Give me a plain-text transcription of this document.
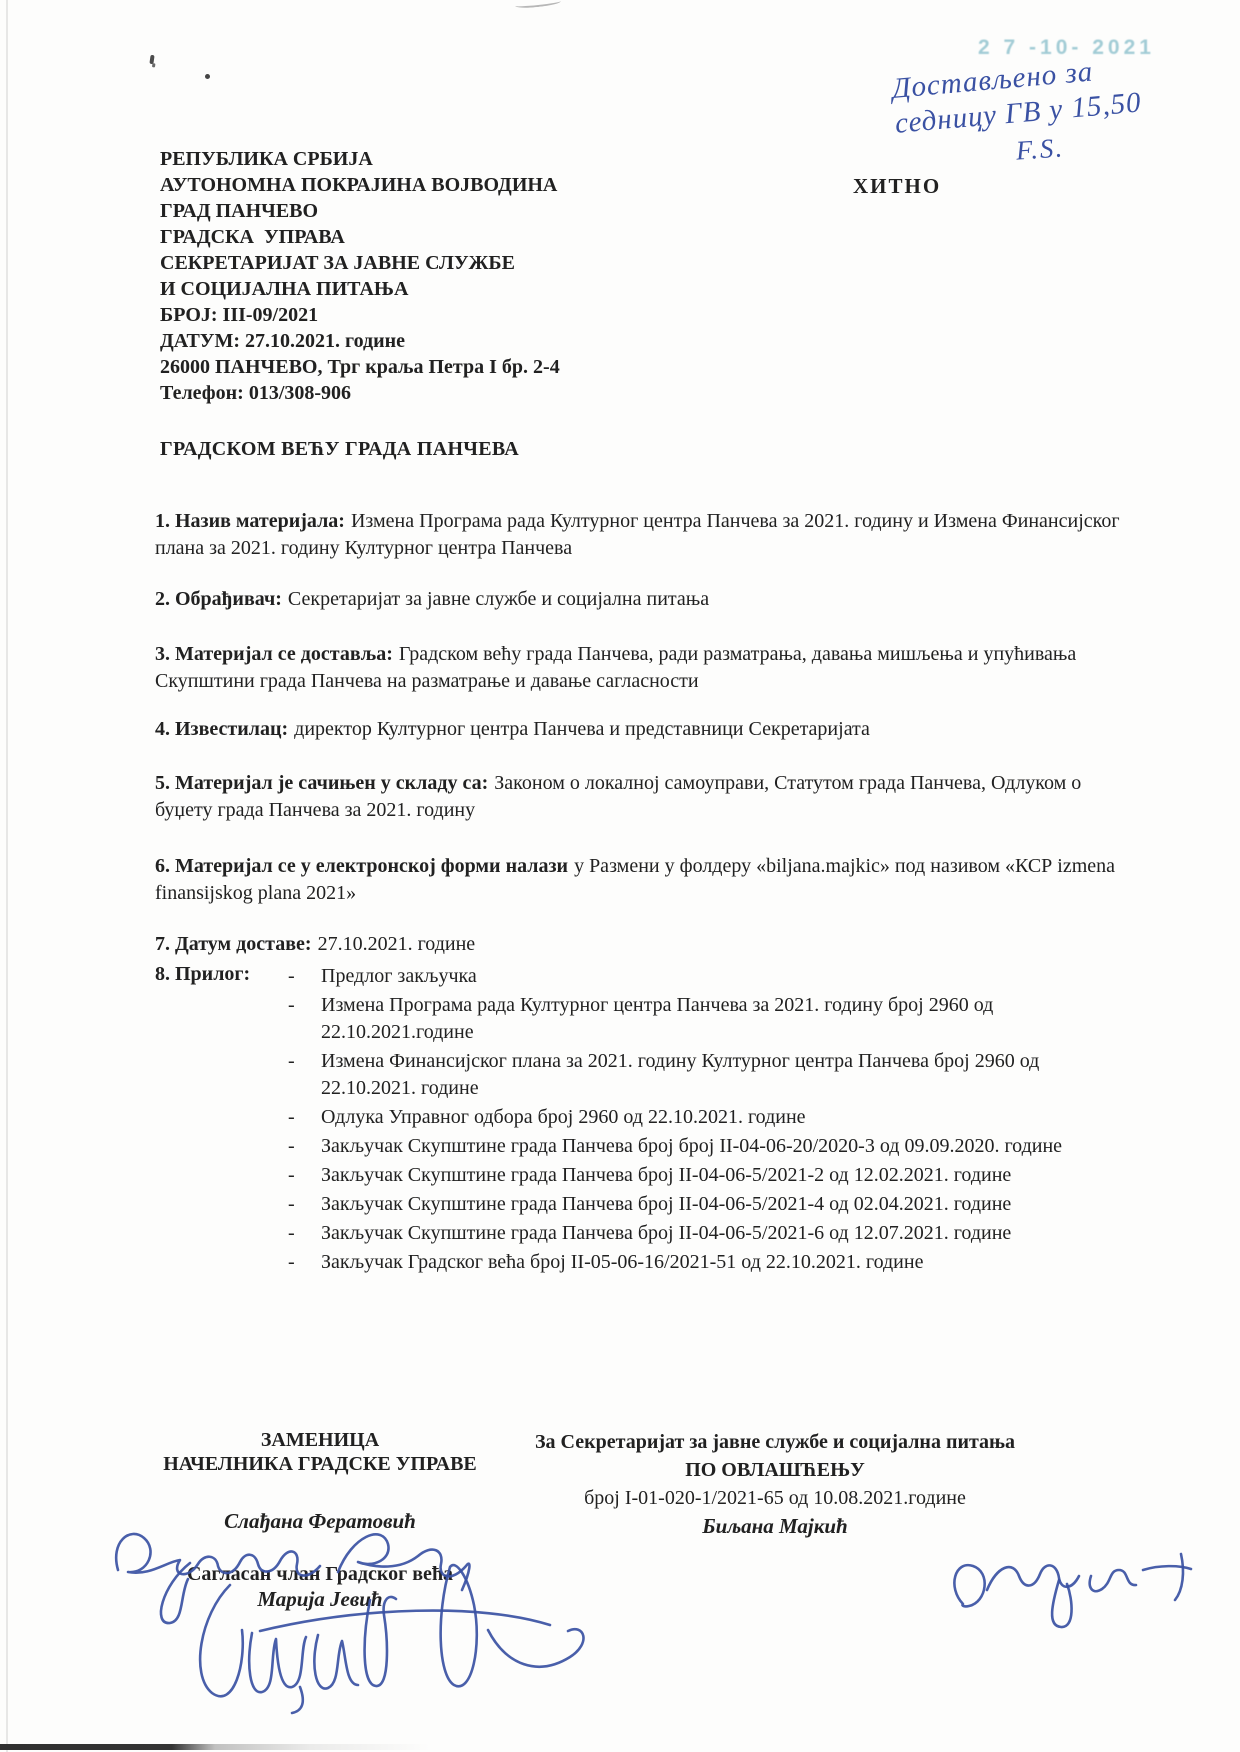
2 7 -10- 2021
Достављено за
седницу ГВ у 15,50
F.S.
ХИТНО
РЕПУБЛИКА СРБИЈА
АУТОНОМНА ПОКРАЈИНА ВОЈВОДИНА
ГРАД ПАНЧЕВО
ГРАДСКА  УПРАВА
СЕКРЕТАРИЈАТ ЗА ЈАВНЕ СЛУЖБЕ
И СОЦИЈАЛНА ПИТАЊА
БРОЈ: III-09/2021
ДАТУМ: 27.10.2021. године
26000 ПАНЧЕВО, Трг краља Петра I бр. 2-4
Телефон: 013/308-906
ГРАДСКОМ ВЕЋУ ГРАДА ПАНЧЕВА

1. Назив материјала: Измена Програма рада Културног центра Панчева за 2021. годину и Измена Финансијског плана за 2021. годину Културног центра Панчева

2. Обрађивач: Секретаријат за јавне службе и социјална питања

3. Материјал се доставља: Градском већу града Панчева, ради разматрања, давања мишљења и упућивања Скупштини града Панчева на разматрање и давање сагласности

4. Известилац: директор Културног центра Панчева и представници Секретаријата

5. Материјал је сачињен у складу са: Законом о локалној самоуправи, Статутом града Панчева, Одлуком о буџету града Панчева за 2021. годину

6. Материјал се у електронској форми налази у Размени у фолдеру «biljana.majkic» под називом «КСР izmena finansijskog plana 2021»

7. Датум доставе: 27.10.2021. године

8. Прилог: -	Предлог закључка
-	Измена Програма рада Културног центра Панчева за 2021. годину број 2960 од 22.10.2021.године
-	Измена Финансијског плана за 2021. годину Културног центра Панчева број 2960 од 22.10.2021. године
-	Одлука Управног одбора број 2960 од 22.10.2021. године
-	Закључак Скупштине града Панчева број број II-04-06-20/2020-3 од 09.09.2020. године
-	Закључак Скупштине града Панчева број II-04-06-5/2021-2 од 12.02.2021. године
-	Закључак Скупштине града Панчева број II-04-06-5/2021-4 од 02.04.2021. године
-	Закључак Скупштине града Панчева број II-04-06-5/2021-6 од 12.07.2021. године
-	Закључак Градског већа број II-05-06-16/2021-51 од 22.10.2021. године
ЗАМЕНИЦА
НАЧЕЛНИКА ГРАДСКЕ УПРАВЕ
Слађана Фератовић
Сагласан члан Градског већа
Марија Јевић
За Секретаријат за јавне службе и социјална питања
ПО ОВЛАШЋЕЊУ
број I-01-020-1/2021-65 од 10.08.2021.године
Биљана Мајкић
